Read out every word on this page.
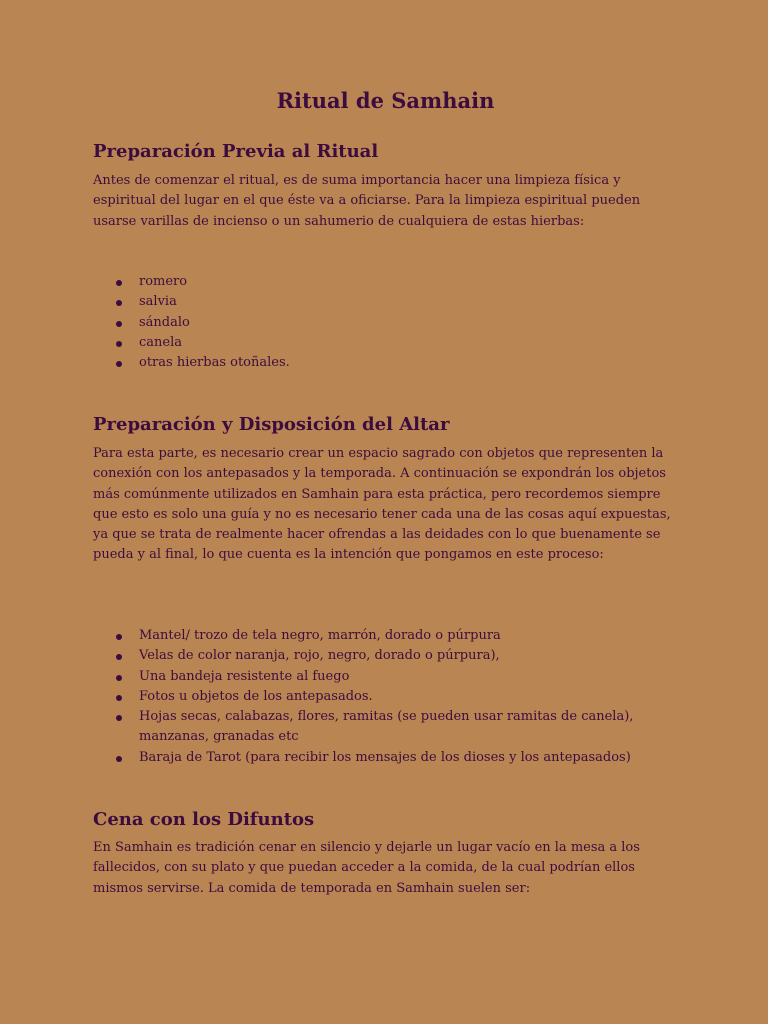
Ritual de Samhain
Preparación Previa al Ritual

Antes de comenzar el ritual, es de suma importancia hacer una limpieza física y espiritual del lugar en el que éste va a oficiarse. Para la limpieza espiritual pueden usarse varillas de incienso o un sahumerio de cualquiera de estas hierbas:

romero
salvia
sándalo
canela
otras hierbas otoñales.
Preparación y Disposición del Altar

Para esta parte, es necesario crear un espacio sagrado con objetos que representen la conexión con los antepasados y la temporada. A continuación se expondrán los objetos más comúnmente utilizados en Samhain para esta práctica, pero recordemos siempre que esto es solo una guía y no es necesario tener cada una de las cosas aquí expuestas, ya que se trata de realmente hacer ofrendas a las deidades con lo que buenamente se pueda y al final, lo que cuenta es la intención que pongamos en este proceso:

Mantel/ trozo de tela negro, marrón, dorado o púrpura
Velas de color naranja, rojo, negro, dorado o púrpura),
Una bandeja resistente al fuego
Fotos u objetos de los antepasados.
Hojas secas, calabazas, flores, ramitas (se pueden usar ramitas de canela), manzanas, granadas etc
Baraja de Tarot (para recibir los mensajes de los dioses y los antepasados)
Cena con los Difuntos

En Samhain es tradición cenar en silencio y dejarle un lugar vacío en la mesa a los fallecidos, con su plato y que puedan acceder a la comida, de la cual podrían ellos mismos servirse. La comida de temporada en Samhain suelen ser:
